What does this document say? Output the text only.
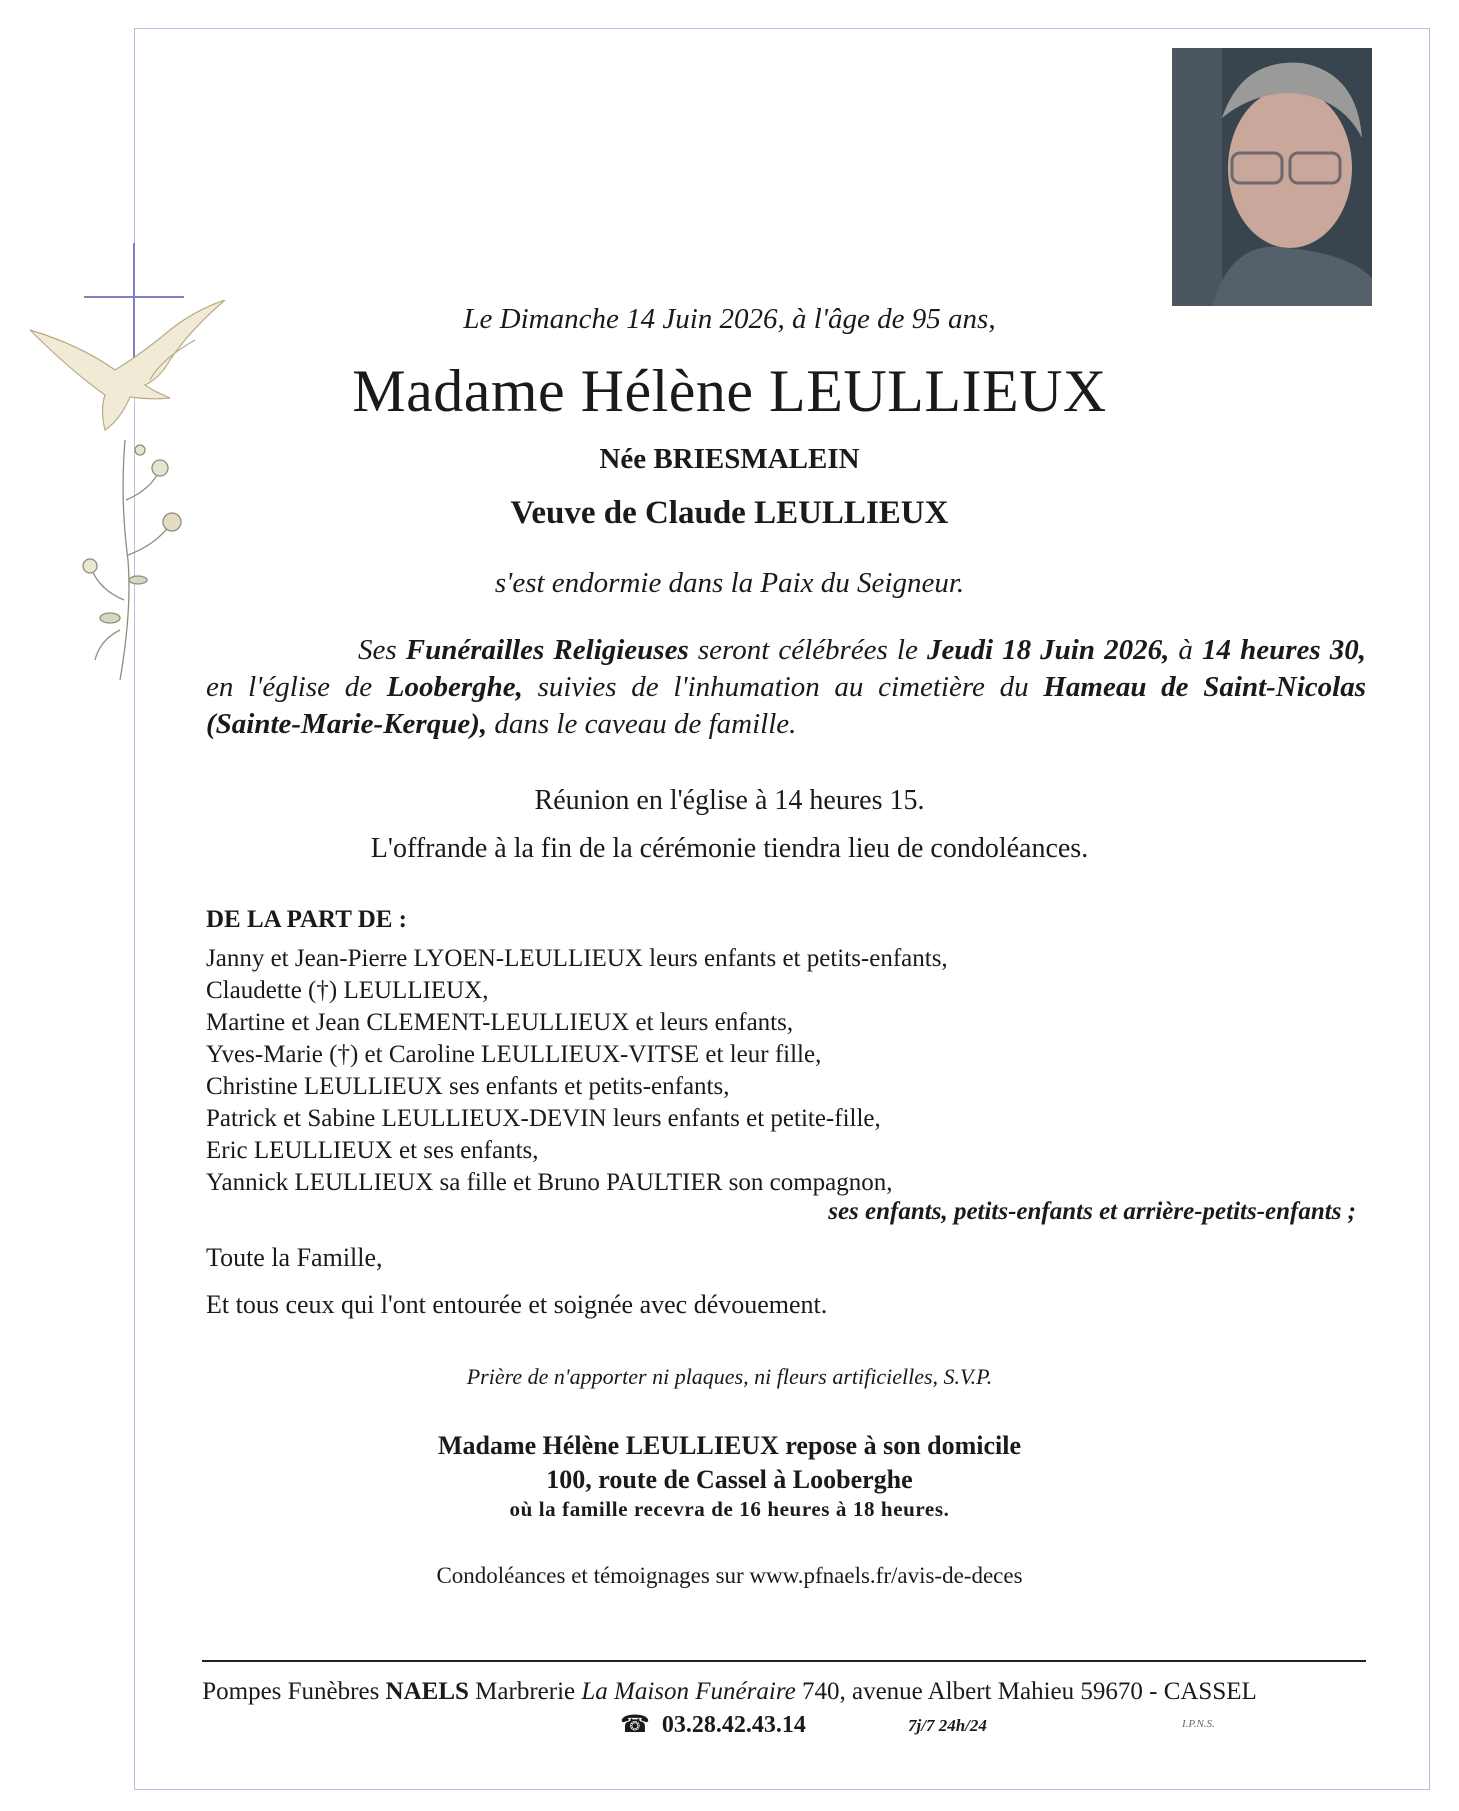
Le Dimanche 14 Juin 2026, à l'âge de 95 ans,
Madame Hélène LEULLIEUX
Née BRIESMALEIN
Veuve de Claude LEULLIEUX
s'est endormie dans la Paix du Seigneur.
Ses Funérailles Religieuses seront célébrées le Jeudi 18 Juin 2026, à 14 heures 30, en l'église de Looberghe, suivies de l'inhumation au cimetière du Hameau de Saint-Nicolas (Sainte-Marie-Kerque), dans le caveau de famille.
Réunion en l'église à 14 heures 15.
L'offrande à la fin de la cérémonie tiendra lieu de condoléances.
DE LA PART DE :
Janny et Jean-Pierre LYOEN-LEULLIEUX leurs enfants et petits-enfants,
Claudette (†) LEULLIEUX,
Martine et Jean CLEMENT-LEULLIEUX et leurs enfants,
Yves-Marie (†) et Caroline LEULLIEUX-VITSE et leur fille,
Christine LEULLIEUX ses enfants et petits-enfants,
Patrick et Sabine LEULLIEUX-DEVIN leurs enfants et petite-fille,
Eric LEULLIEUX et ses enfants,
Yannick LEULLIEUX sa fille et Bruno PAULTIER son compagnon,
ses enfants, petits-enfants et arrière-petits-enfants ;
Toute la Famille,
Et tous ceux qui l'ont entourée et soignée avec dévouement.
Prière de n'apporter ni plaques, ni fleurs artificielles, S.V.P.
Madame Hélène LEULLIEUX repose à son domicile
100, route de Cassel à Looberghe
où la famille recevra de 16 heures à 18 heures.
Condoléances et témoignages sur www.pfnaels.fr/avis-de-deces
Pompes Funèbres NAELS Marbrerie La Maison Funéraire 740, avenue Albert Mahieu 59670 - CASSEL
☎ 03.28.42.43.14	7j/7 24h/24	I.P.N.S.
